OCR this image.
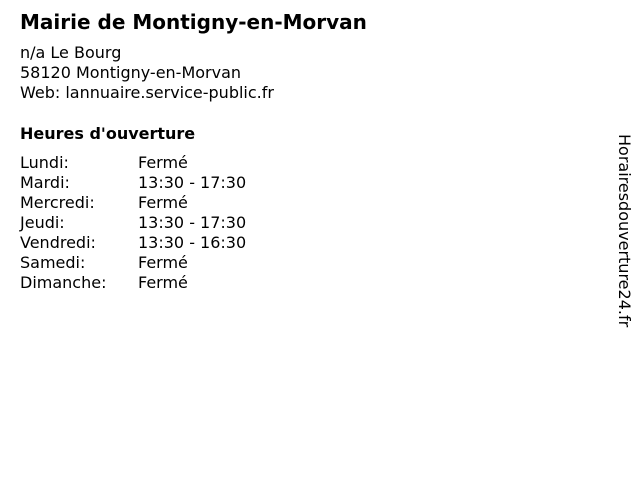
Mairie de Montigny-en-Morvan
n/a Le Bourg
58120 Montigny-en-Morvan
Web: lannuaire.service-public.fr
Heures d'ouverture
Lundi:	Fermé
Mardi:	13:30 - 17:30
Mercredi:	Fermé
Jeudi:	13:30 - 17:30
Vendredi:	13:30 - 16:30
Samedi:	Fermé
Dimanche: Fermé	Horairesdouverture24.fr
